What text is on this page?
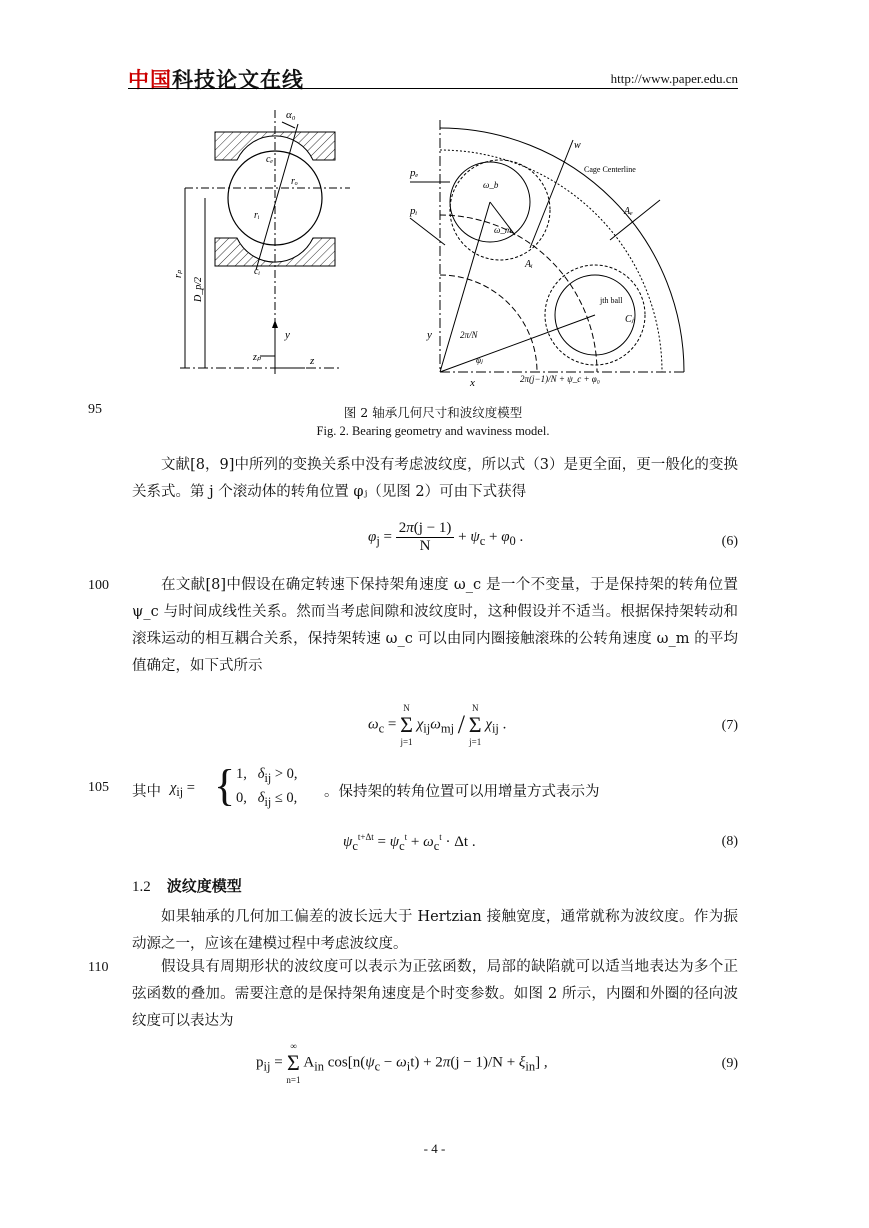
中国科技论文在线	http://www.paper.edu.cn
α₀
cₑ
rₒ
rᵢ
cᵢ
rₚ
D_p/2
y
zₚ	z
pₑ
pᵢ
w
Cage Centerline
Aₑ
ω_b
ω_m
Aᵢ
jth ball
Cⱼ
y
x
2π/N
φⱼ
2π(j−1)/N + ψ_c + φ₀
95	图 2 轴承几何尺寸和波纹度模型
Fig. 2. Bearing geometry and waviness model.
文献[8，9]中所列的变换关系中没有考虑波纹度，所以式（3）是更全面，更一般化的变换关系式。第 j 个滚动体的转角位置 φⱼ（见图 2）可由下式获得
$\varphi_j = \frac{2\pi(j - 1)}{N} + \psi_c + \varphi_0$ .	(6)
100	在文献[8]中假设在确定转速下保持架角速度 ω_c 是一个不变量，于是保持架的转角位置 ψ_c 与时间成线性关系。然而当考虑间隙和波纹度时，这种假设并不适当。根据保持架转动和滚珠运动的相互耦合关系，保持架转速 ω_c 可以由同内圈接触滚珠的公转角速度 ω_m 的平均值确定，如下式所示
$\omega_c$ =
N
Σ
j=1
$\chi_{ij}\omega_{mj}$ /
N
Σ
j=1
$\chi_{ij}$ .	(7)
105	其中 $\chi_{ij}$ = { 1,   $\delta_{ij} > 0$,
0,   $\delta_{ij} \le 0$, 。保持架的转角位置可以用增量方式表示为
$\psi_c^{t+\Delta t} = \psi_c^t + \omega_c^t \cdot \Delta t$ .	(8)
1.2 波纹度模型
如果轴承的几何加工偏差的波长远大于 Hertzian 接触宽度，通常就称为波纹度。作为振动源之一，应该在建模过程中考虑波纹度。
110	假设具有周期形状的波纹度可以表示为正弦函数，局部的缺陷就可以适当地表达为多个正弦函数的叠加。需要注意的是保持架角速度是个时变参数。如图 2 所示，内圈和外圈的径向波纹度可以表达为
$p_{ij}$ =
∞
Σ
n=1
$A_{in}$ $\cos[n(\psi_c - \omega_it) + 2\pi(j - 1)/N + \xi_{in}]$ ,	(9)
- 4 -
